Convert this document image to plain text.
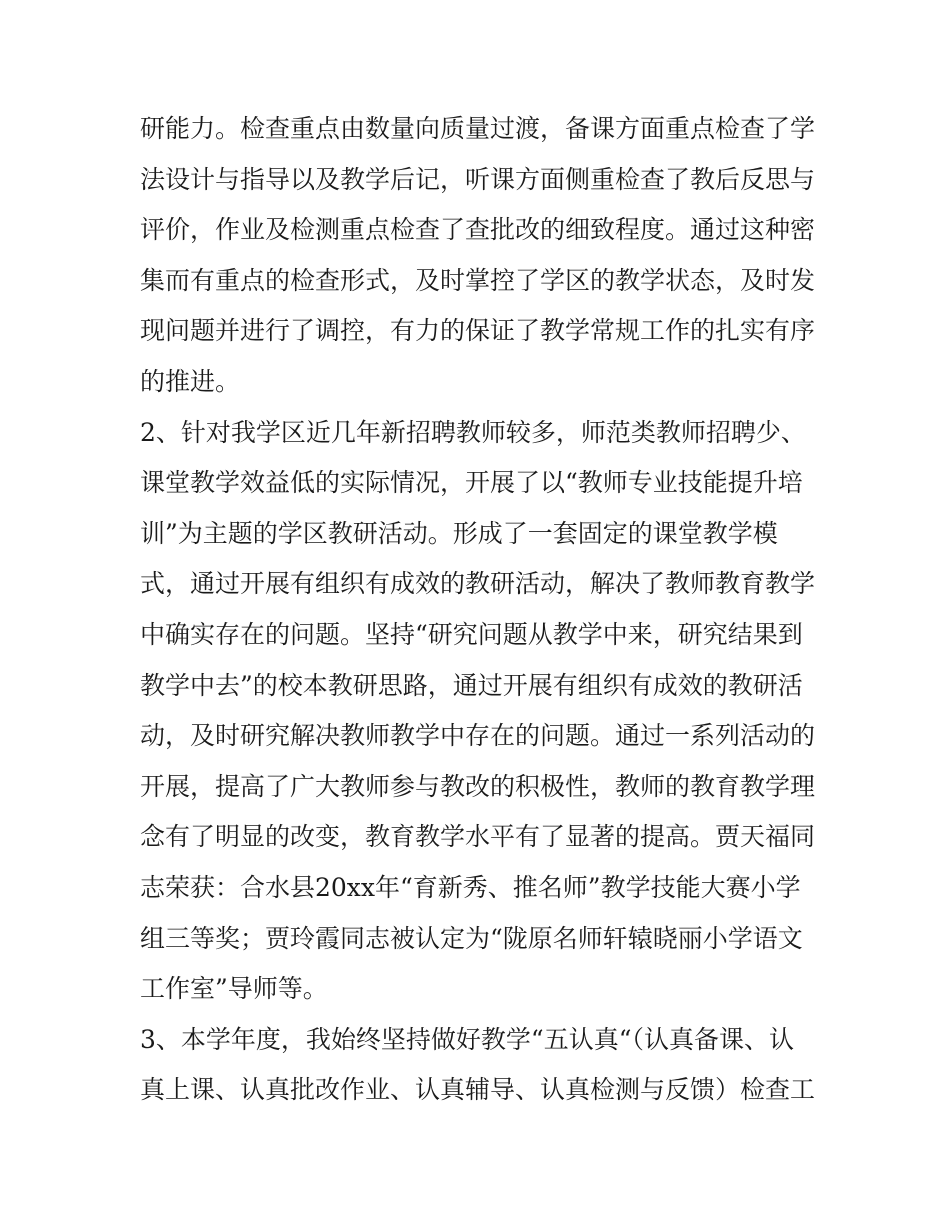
研能力。检查重点由数量向质量过渡，备课方面重点检查了学
法设计与指导以及教学后记，听课方面侧重检查了教后反思与
评价，作业及检测重点检查了查批改的细致程度。通过这种密
集而有重点的检查形式，及时掌控了学区的教学状态，及时发
现问题并进行了调控，有力的保证了教学常规工作的扎实有序
的推进。
2、针对我学区近几年新招聘教师较多，师范类教师招聘少、
课堂教学效益低的实际情况，开展了以“教师专业技能提升培
训”为主题的学区教研活动。形成了一套固定的课堂教学模
式，通过开展有组织有成效的教研活动，解决了教师教育教学
中确实存在的问题。坚持“研究问题从教学中来，研究结果到
教学中去”的校本教研思路，通过开展有组织有成效的教研活
动，及时研究解决教师教学中存在的问题。通过一系列活动的
开展，提高了广大教师参与教改的积极性，教师的教育教学理
念有了明显的改变，教育教学水平有了显著的提高。贾天福同
志荣获：合水县20xx年“育新秀、推名师”教学技能大赛小学
组三等奖；贾玲霞同志被认定为“陇原名师轩辕晓丽小学语文
工作室”导师等。
3、本学年度，我始终坚持做好教学“五认真“（认真备课、认
真上课、认真批改作业、认真辅导、认真检测与反馈）检查工
